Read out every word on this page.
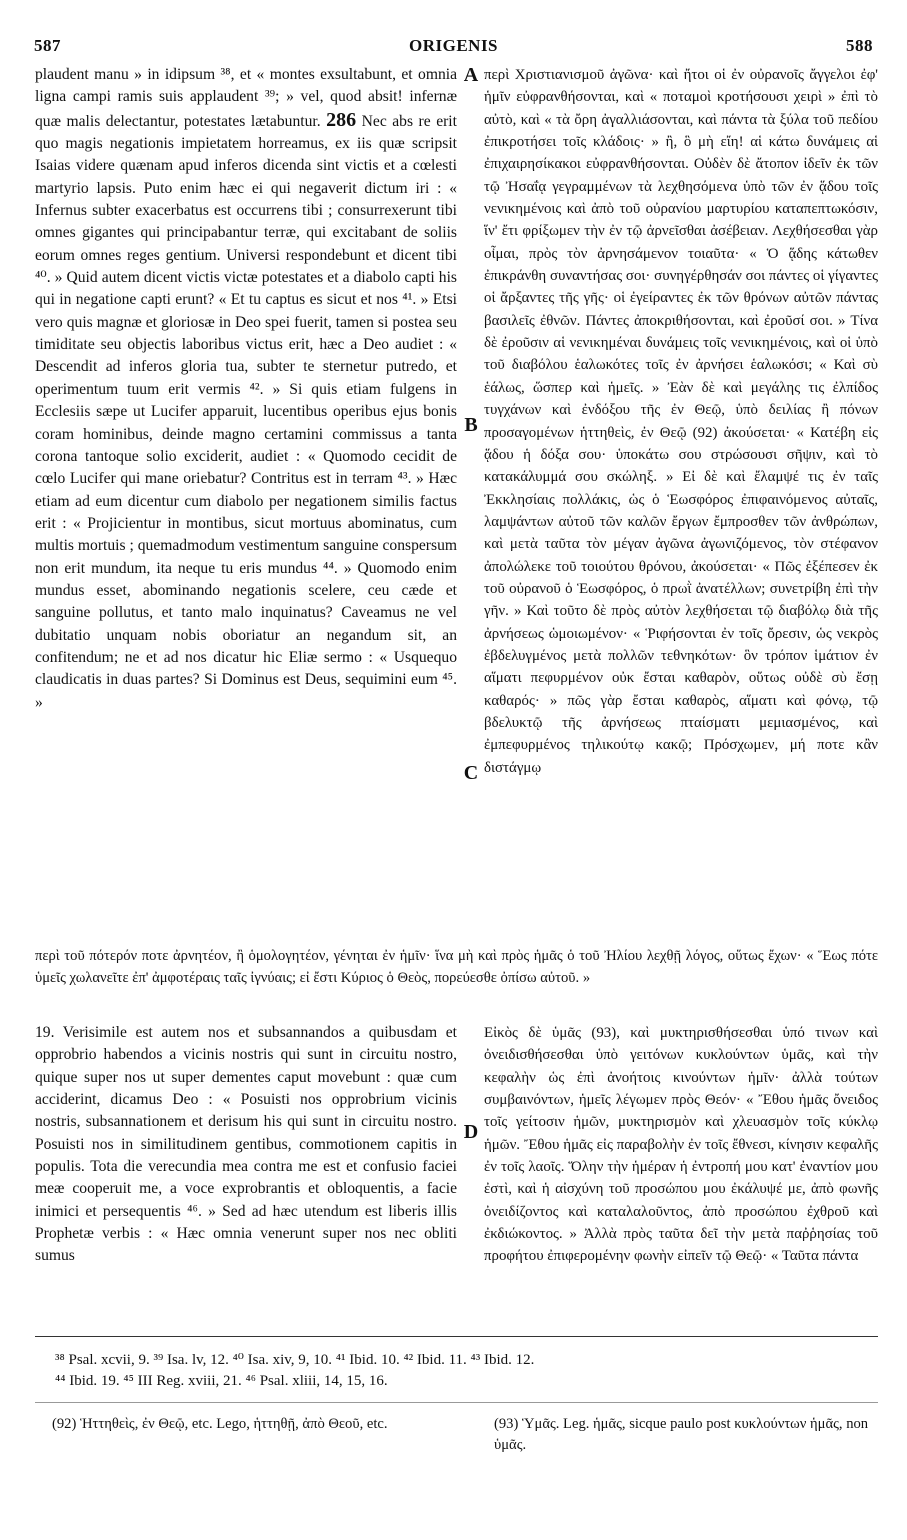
587	ORIGENIS	588

plaudent manu » in idipsum ³⁸, et « montes exsultabunt, et omnia ligna campi ramis suis applaudent ³⁹; » vel, quod absit! infernæ quæ malis delectantur, potestates lætabuntur. 286 Nec abs re erit quo magis negationis impietatem horreamus, ex iis quæ scripsit Isaias videre quænam apud inferos dicenda sint victis et a cœlesti martyrio lapsis. Puto enim hæc ei qui negaverit dictum iri : « Infernus subter exacerbatus est occurrens tibi ; consurrexerunt tibi omnes gigantes qui principabantur terræ, qui excitabant de soliis eorum omnes reges gentium. Universi respondebunt et dicent tibi ⁴⁰. » Quid autem dicent victis victæ potestates et a diabolo capti his qui in negatione capti erunt? « Et tu captus es sicut et nos ⁴¹. » Etsi vero quis magnæ et gloriosæ in Deo spei fuerit, tamen si postea seu timiditate seu objectis laboribus victus erit, hæc a Deo audiet : « Descendit ad inferos gloria tua, subter te sternetur putredo, et operimentum tuum erit vermis ⁴². » Si quis etiam fulgens in Ecclesiis sæpe ut Lucifer apparuit, lucentibus operibus ejus bonis coram hominibus, deinde magno certamini commissus a tanta corona tantoque solio exciderit, audiet : « Quomodo cecidit de cœlo Lucifer qui mane oriebatur? Contritus est in terram ⁴³. » Hæc etiam ad eum dicentur cum diabolo per negationem similis factus erit : « Projicientur in montibus, sicut mortuus abominatus, cum multis mortuis ; quemadmodum vestimentum sanguine conspersum non erit mundum, ita neque tu eris mundus ⁴⁴. » Quomodo enim mundus esset, abominando negationis scelere, ceu cæde et sanguine pollutus, et tanto malo inquinatus? Caveamus ne vel dubitatio unquam nobis oboriatur an negandum sit, an confitendum; ne et ad nos dicatur hic Eliæ sermo : « Usquequo claudicatis in duas partes? Si Dominus est Deus, sequimini eum ⁴⁵. »

περὶ Χριστιανισμοῦ ἀγῶνα· καὶ ἤτοι οἱ ἐν οὐρανοῖς ἄγγελοι ἐφ' ἡμῖν εὐφρανθήσονται, καὶ « ποταμοὶ κροτήσουσι χειρὶ » ἐπὶ τὸ αὐτὸ, καὶ « τὰ ὄρη ἀγαλλιάσονται, καὶ πάντα τὰ ξύλα τοῦ πεδίου ἐπικροτήσει τοῖς κλάδοις· » ἢ, ὃ μὴ εἴη! αἱ κάτω δυνάμεις αἱ ἐπιχαιρησίκακοι εὐφρανθήσονται. Οὐδὲν δὲ ἄτοπον ἰδεῖν ἐκ τῶν τῷ Ἠσαΐᾳ γεγραμμένων τὰ λεχθησόμενα ὑπὸ τῶν ἐν ᾅδου τοῖς νενικημένοις καὶ ἀπὸ τοῦ οὐρανίου μαρτυρίου καταπεπτωκόσιν, ἵν' ἔτι φρίξωμεν τὴν ἐν τῷ ἀρνεῖσθαι ἀσέβειαν. Λεχθήσεσθαι γὰρ οἶμαι, πρὸς τὸν ἀρνησάμενον τοιαῦτα· « Ὁ ᾅδης κάτωθεν ἐπικράνθη συναντήσας σοι· συνηγέρθησάν σοι πάντες οἱ γίγαντες οἱ ἄρξαντες τῆς γῆς· οἱ ἐγείραντες ἐκ τῶν θρόνων αὐτῶν πάντας βασιλεῖς ἐθνῶν. Πάντες ἀποκριθήσονται, καὶ ἐροῦσί σοι. » Τίνα δὲ ἐροῦσιν αἱ νενικημέναι δυνάμεις τοῖς νενικημένοις, καὶ οἱ ὑπὸ τοῦ διαβόλου ἑαλωκότες τοῖς ἐν ἀρνήσει ἑαλωκόσι; « Καὶ σὺ ἑάλως, ὥσπερ καὶ ἡμεῖς. » Ἐὰν δὲ καὶ μεγάλης τις ἐλπίδος τυγχάνων καὶ ἐνδόξου τῆς ἐν Θεῷ, ὑπὸ δειλίας ἢ πόνων προσαγομένων ἡττηθεὶς, ἐν Θεῷ (92) ἀκούσεται· « Κατέβη εἰς ᾅδου ἡ δόξα σου· ὑποκάτω σου στρώσουσι σῆψιν, καὶ τὸ κατακάλυμμά σου σκώληξ. » Εἰ δὲ καὶ ἔλαμψέ τις ἐν ταῖς Ἐκκλησίαις πολλάκις, ὡς ὁ Ἑωσφόρος ἐπιφαινόμενος αὐταῖς, λαμψάντων αὐτοῦ τῶν καλῶν ἔργων ἔμπροσθεν τῶν ἀνθρώπων, καὶ μετὰ ταῦτα τὸν μέγαν ἀγῶνα ἀγωνιζόμενος, τὸν στέφανον ἀπολώλεκε τοῦ τοιούτου θρόνου, ἀκούσεται· « Πῶς ἐξέπεσεν ἐκ τοῦ οὐρανοῦ ὁ Ἑωσφόρος, ὁ πρωῒ ἀνατέλλων; συνετρίβη ἐπὶ τὴν γῆν. » Καὶ τοῦτο δὲ πρὸς αὐτὸν λεχθήσεται τῷ διαβόλῳ διὰ τῆς ἀρνήσεως ὡμοιωμένον· « Ῥιφήσονται ἐν τοῖς ὄρεσιν, ὡς νεκρὸς ἐβδελυγμένος μετὰ πολλῶν τεθνηκότων· ὃν τρόπον ἱμάτιον ἐν αἵματι πεφυρμένον οὐκ ἔσται καθαρὸν, οὕτως οὐδὲ σὺ ἔσῃ καθαρός· » πῶς γὰρ ἔσται καθαρὸς, αἵματι καὶ φόνῳ, τῷ βδελυκτῷ τῆς ἀρνήσεως πταίσματι μεμιασμένος, καὶ ἐμπεφυρμένος τηλικούτῳ κακῷ; Πρόσχωμεν, μή ποτε κἂν διστάγμῳ

A
B
C
D
περὶ τοῦ πότερόν ποτε ἀρνητέον, ἢ ὁμολογητέον, γένηται ἐν ἡμῖν· ἵνα μὴ καὶ πρὸς ἡμᾶς ὁ τοῦ Ἠλίου λεχθῇ λόγος, οὕτως ἔχων· « Ἕως πότε ὑμεῖς χωλανεῖτε ἐπ' ἀμφοτέραις ταῖς ἰγνύαις; εἰ ἔστι Κύριος ὁ Θεὸς, πορεύεσθε ὀπίσω αὐτοῦ. »

19. Verisimile est autem nos et subsannandos a quibusdam et opprobrio habendos a vicinis nostris qui sunt in circuitu nostro, quique super nos ut super dementes caput movebunt : quæ cum acciderint, dicamus Deo : « Posuisti nos opprobrium vicinis nostris, subsannationem et derisum his qui sunt in circuitu nostro. Posuisti nos in similitudinem gentibus, commotionem capitis in populis. Tota die verecundia mea contra me est et confusio faciei meæ cooperuit me, a voce exprobrantis et obloquentis, a facie inimici et persequentis ⁴⁶. » Sed ad hæc utendum est liberis illis Prophetæ verbis : « Hæc omnia venerunt super nos nec obliti sumus

Εἰκὸς δὲ ὑμᾶς (93), καὶ μυκτηρισθήσεσθαι ὑπό τινων καὶ ὀνειδισθήσεσθαι ὑπὸ γειτόνων κυκλούντων ὑμᾶς, καὶ τὴν κεφαλὴν ὡς ἐπὶ ἀνοήτοις κινούντων ἡμῖν· ἀλλὰ τούτων συμβαινόντων, ἡμεῖς λέγωμεν πρὸς Θεόν· « Ἔθου ἡμᾶς ὄνειδος τοῖς γείτοσιν ἡμῶν, μυκτηρισμὸν καὶ χλευασμὸν τοῖς κύκλῳ ἡμῶν. Ἔθου ἡμᾶς εἰς παραβολὴν ἐν τοῖς ἔθνεσι, κίνησιν κεφαλῆς ἐν τοῖς λαοῖς. Ὅλην τὴν ἡμέραν ἡ ἐντροπή μου κατ' ἐναντίον μου ἐστὶ, καὶ ἡ αἰσχύνη τοῦ προσώπου μου ἐκάλυψέ με, ἀπὸ φωνῆς ὀνειδίζοντος καὶ καταλαλοῦντος, ἀπὸ προσώπου ἐχθροῦ καὶ ἐκδιώκοντος. » Ἀλλὰ πρὸς ταῦτα δεῖ τὴν μετὰ παῤῥησίας τοῦ προφήτου ἐπιφερομένην φωνὴν εἰπεῖν τῷ Θεῷ· « Ταῦτα πάντα

³⁸ Psal. xcvii, 9. ³⁹ Isa. lv, 12. ⁴⁰ Isa. xiv, 9, 10. ⁴¹ Ibid. 10. ⁴² Ibid. 11. ⁴³ Ibid. 12.

⁴⁴ Ibid. 19. ⁴⁵ III Reg. xviii, 21. ⁴⁶ Psal. xliii, 14, 15, 16.

(92) Ἡττηθεὶς, ἐν Θεῷ, etc. Lego, ἡττηθῇ, ἀπὸ Θεοῦ, etc.	(93) Ὑμᾶς. Leg. ἡμᾶς, sicque paulo post κυκλούντων ἡμᾶς, non ὑμᾶς.
